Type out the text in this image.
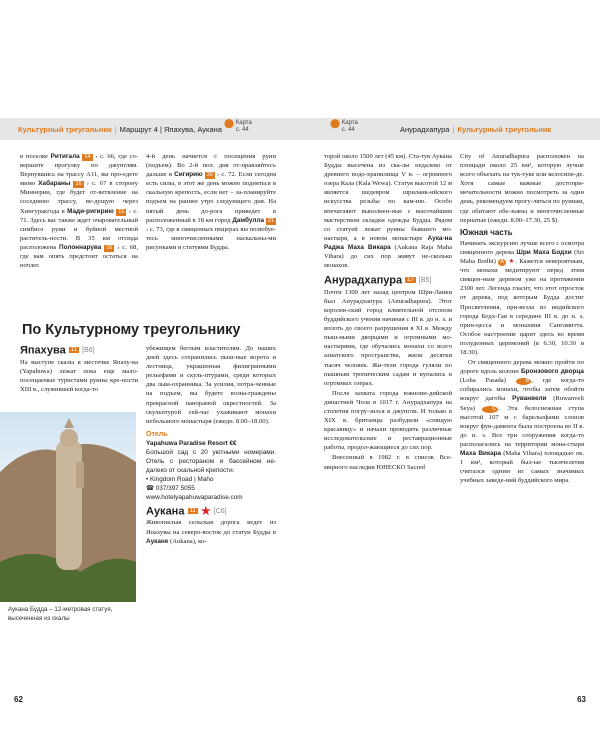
Культурный треугольник | Маршрут 4 | Япахува, Аукана
⬤ Карта
с. 44

в поселке Ритигала 14 › с. 66, где со-вершите прогулку по джунглям. Вернувшись на трассу A11, вы про-едете мимо Хабараны 16 › с. 67 в сторону Миннерии, где будет от-ветвление на соседнюю трассу, ве-дущую через Хингуракгода в Мади-ригирию 15 › с. 71. Здесь вас также ждет очаровательный симбиоз руин и буйной местной раститель-ности. В 35 км отсюда расположена Полоннарува 16 › с. 68, где вам опять предстоит остаться на ночлег.

4-й день начнется с посещения руин (подъем). Во 2-й пол. дня от-правляйтесь дальше в Сигирию 20 › с. 72. Если сегодня есть силы, в этот же день можно подняться в скальную крепость, если нет – за-планируйте подъем на раннее утро следующего дня. На пятый день до-рога приведет в расположенный в 18 км город Дамбулла 21 › с. 73, где в священных пещерах вы полюбуе-тесь многочисленными наскальны-ми рисунками и статуями Будды.

По Культурному треугольнику
Япахува 11 [B6]

На выступе скалы в местечке Япаху-ва (Yapahuwa) лежат пока еще мало-посещаемые туристами руины кре-пости XIII в., служившей когда-то

Аукана Будда – 12-метровая статуя, высеченная из скалы

убежищем беглым властителям. До наших дней здесь сохранились пыш-ные ворота и лестница, украшенная филигранными рельефами и скуль-птурами, среди которых два льва-охранника. За усилия, потра-ченные на подъем, вы будете возна-граждены прекрасной панорамой окрестностей. За скульптурой сей-час ухаживают монахи небольшого монастыря (ежедн. 8.00–18.00).

Отель
Yapahuwa Paradise Resort €€
Большой сад с 20 уютными номерами. Отель с рестораном и бассейном не-далеко от скальной крепости.
• Kingdom Road | Maho
☎ 037/397 5055
www.hotelyapahuwaparadise.com
Аукана 11 ★ [C6]

Живописная сельская дорога ведет из Япахувы на северо-восток до статуи Будды в Аукане (Aukana), ко-

62
Анурадхапура | Культурный треугольник
⬤ Карта
с. 44

торой около 1500 лет (45 км). Ста-туя Аукана Будды высечена из ска-лы недалеко от древнего водо-хранилища V в. – огромного озера Кала (Kala Wewa). Статуя высотой 12 м является шедевром шриланк-ийского искусства резьбы по кам-ню. Особо впечатляют выполнен-ные с высочайшим мастерством складки одежды Будды. Рядом со статуей лежат руины бывшего мо-настыря, а в новом монастыре Аука-на Раджа Маха Викара (Aukana Raja Maha Vihara) до сих пор живут не-сколько монахов.

Анурадхапура 17 [B5]

Почти 1300 лет назад центром Шри-Ланки был Анурадхапура (Anuradhapura). Этот королев-ский город влиятельной отсопом буддийского учения начиная с III в. до н. э. и вплоть до своего разрушения в XI в. Между пыш-ными дворцами и огромными мо-настырями, где обучались монахи со всего азиатского пространства, жили десятки тысяч человек. Жи-тели города гуляли по пышным тропическим садам и купались в огромных озерах.

После захвата города южноин-дийской династией Чола в 1017 г. Анурадхапура на столетия погру-зился в джунгли. И только в XIX в. британцы разбудили «спящую красавицу» и начали проводить различные исследовательские и реставрационные работы, продол-жающиеся до сих пор.

Внесенный в 1982 г. в список Все-мирного наследия ЮНЕСКО Sacred

City of Anuradhapura расположен на площади около 25 км², которую лучше всего объехать на тук-туке или велосипе-де. Хотя самые важные достопри-мечательности можно посмотреть за один день, рекомендуем прогу-ляться по руинам, где обитают обе-зьяны и многочисленные пернатые (ежедн. 8.00–17.30, 25 $).

Южная часть

Начинать экскурсию лучше всего с осмотра священного дерева Шри Маха Бодхи (Sri Maha Bodhi) A ★. Кажется невероятным, что монахи медитируют перед этим священ-ным деревом уже на протяжении 2300 лет. Легенда гласит, что этот отросток от дерева, под которым Будда достиг Просветления, при-везла из индийского города Бодх-Гая в середине III в. до н. э. прин-цесса и монахиня Сангамитта. Особое настроение царит здесь во время полуденных церемоний (в 6.30, 10.30 и 18.30).

От священного дерева можно пройти по дороге вдоль колонн Бронзового дворца (Loha Pasada) B , где когда-то собирались монахи, чтобы затем обойти вокруг дагобы Руванвели (Ruwanveli Seya) C . Эта белоснежная ступа высотой 107 м с барельефами слонов вокруг фун-дамента была построена во II в. до н. э. Все три сооружения когда-то располагались на территории мона-стыря Маха Викара (Maha Vihara) площадью ок. 1 км², который был-ые тысячелетия считался одним из самых значимых учебных заведе-ний буддийского мира.

63
